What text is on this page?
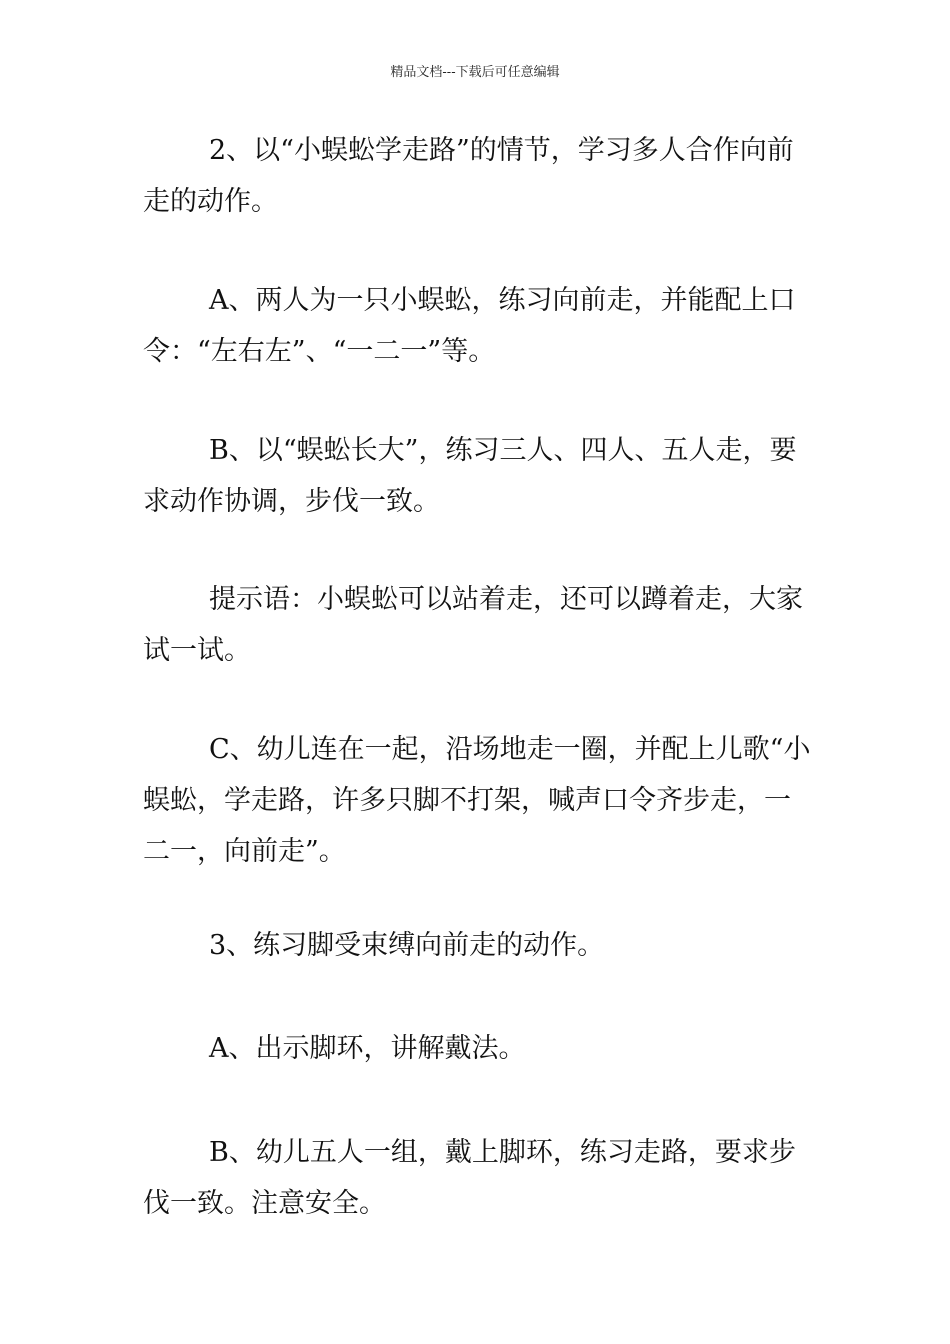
精品文档---下载后可任意编辑

2、以“小蜈蚣学走路”的情节，学习多人合作向前走的动作。

A、两人为一只小蜈蚣，练习向前走，并能配上口令：“左右左”、“一二一”等。

B、以“蜈蚣长大”，练习三人、四人、五人走，要求动作协调，步伐一致。

提示语：小蜈蚣可以站着走，还可以蹲着走，大家试一试。

C、幼儿连在一起，沿场地走一圈，并配上儿歌“小蜈蚣，学走路，许多只脚不打架，喊声口令齐步走，一二一，向前走”。

3、练习脚受束缚向前走的动作。

A、出示脚环，讲解戴法。

B、幼儿五人一组，戴上脚环，练习走路，要求步伐一致。注意安全。
